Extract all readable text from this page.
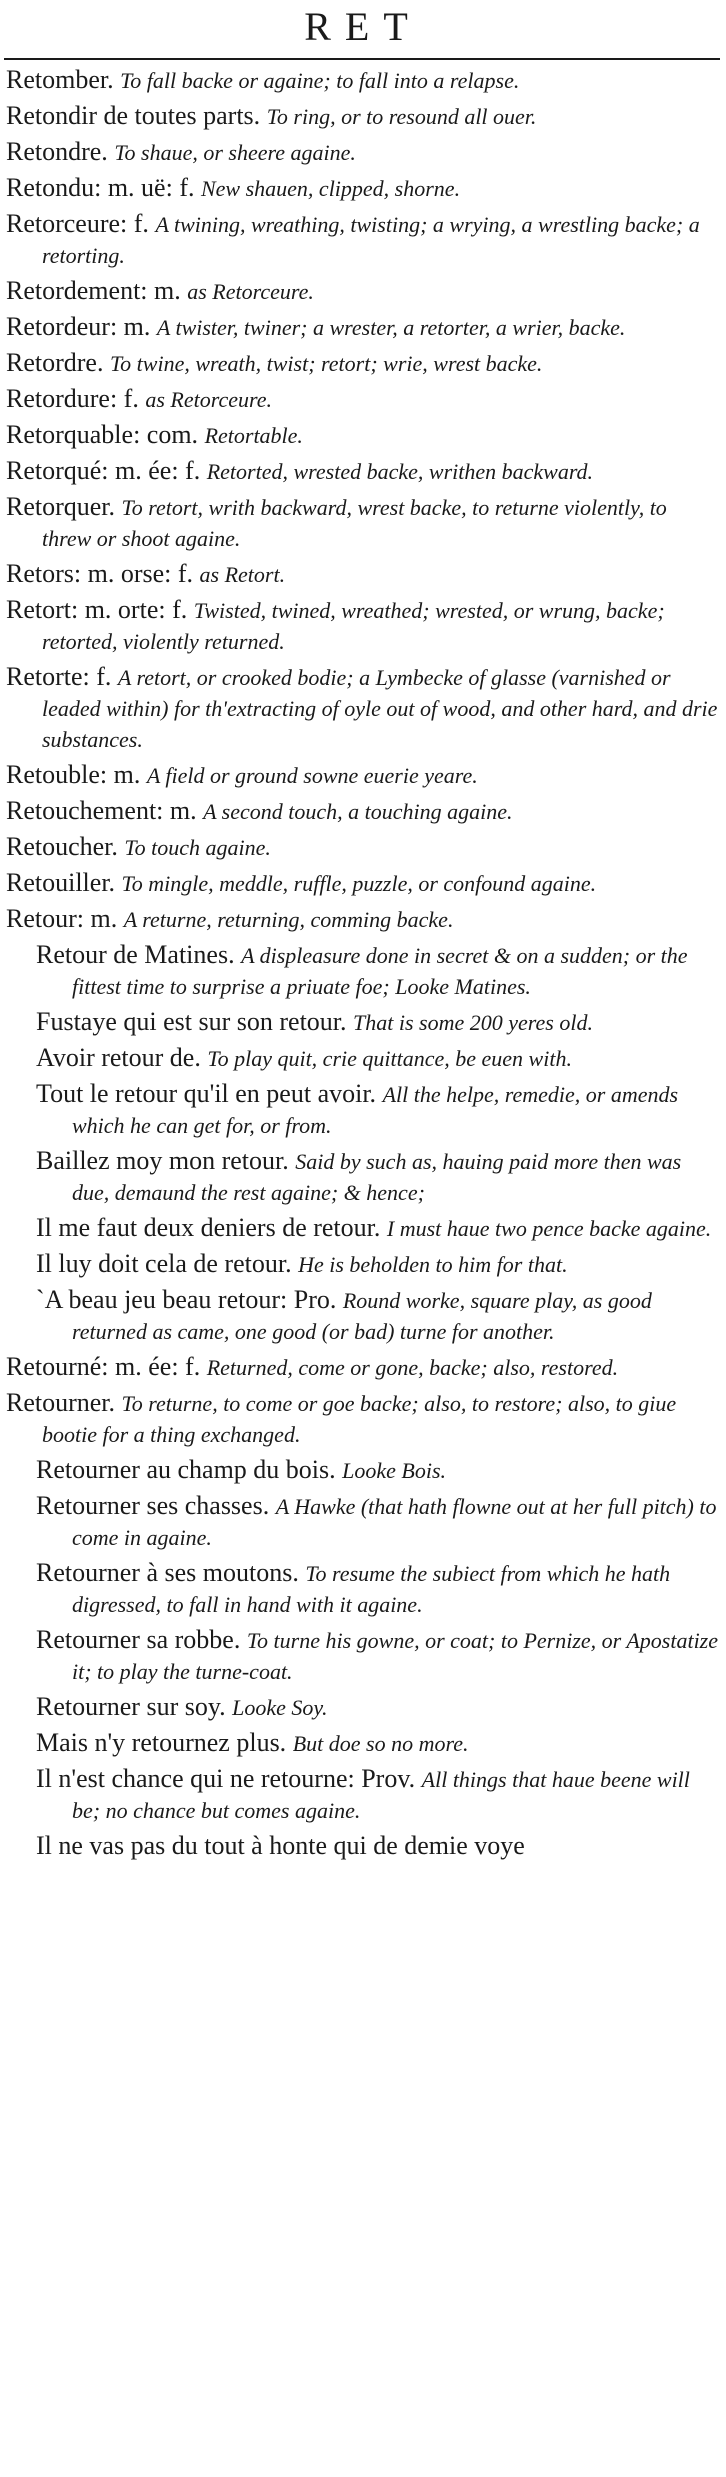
RET
Retomber. To fall backe or againe; to fall into a relapse.
Retondir de toutes parts. To ring, or to resound all ouer.
Retondre. To shaue, or sheere againe.
Retondu: m. uë: f. New shauen, clipped, shorne.
Retorceure: f. A twining, wreathing, twisting; a wrying, a wrestling backe; a retorting.
Retordement: m. as Retorceure.
Retordeur: m. A twister, twiner; a wrester, a retorter, a wrier, backe.
Retordre. To twine, wreath, twist; retort; wrie, wrest backe.
Retordure: f. as Retorceure.
Retorquable: com. Retortable.
Retorqué: m. ée: f. Retorted, wrested backe, writhen backward.
Retorquer. To retort, writh backward, wrest backe, to returne violently, to threw or shoot againe.
Retors: m. orse: f. as Retort.
Retort: m. orte: f. Twisted, twined, wreathed; wrested, or wrung, backe; retorted, violently returned.
Retorte: f. A retort, or crooked bodie; a Lymbecke of glasse (varnished or leaded within) for th'extracting of oyle out of wood, and other hard, and drie substances.
Retouble: m. A field or ground sowne euerie yeare.
Retouchement: m. A second touch, a touching againe.
Retoucher. To touch againe.
Retouiller. To mingle, meddle, ruffle, puzzle, or confound againe.
Retour: m. A returne, returning, comming backe.
Retour de Matines. A displeasure done in secret & on a sudden; or the fittest time to surprise a priuate foe; Looke Matines.
Fustaye qui est sur son retour. That is some 200 yeres old.
Avoir retour de. To play quit, crie quittance, be euen with.
Tout le retour qu'il en peut avoir. All the helpe, remedie, or amends which he can get for, or from.
Baillez moy mon retour. Said by such as, hauing paid more then was due, demaund the rest againe; & hence;
Il me faut deux deniers de retour. I must haue two pence backe againe.
Il luy doit cela de retour. He is beholden to him for that.
`A beau jeu beau retour: Pro. Round worke, square play, as good returned as came, one good (or bad) turne for another.
Retourné: m. ée: f. Returned, come or gone, backe; also, restored.
Retourner. To returne, to come or goe backe; also, to restore; also, to giue bootie for a thing exchanged.
Retourner au champ du bois. Looke Bois.
Retourner ses chasses. A Hawke (that hath flowne out at her full pitch) to come in againe.
Retourner à ses moutons. To resume the subiect from which he hath digressed, to fall in hand with it againe.
Retourner sa robbe. To turne his gowne, or coat; to Pernize, or Apostatize it; to play the turne-coat.
Retourner sur soy. Looke Soy.
Mais n'y retournez plus. But doe so no more.
Il n'est chance qui ne retourne: Prov. All things that haue beene will be; no chance but comes againe.
Il ne vas pas du tout à honte qui de demie voye
